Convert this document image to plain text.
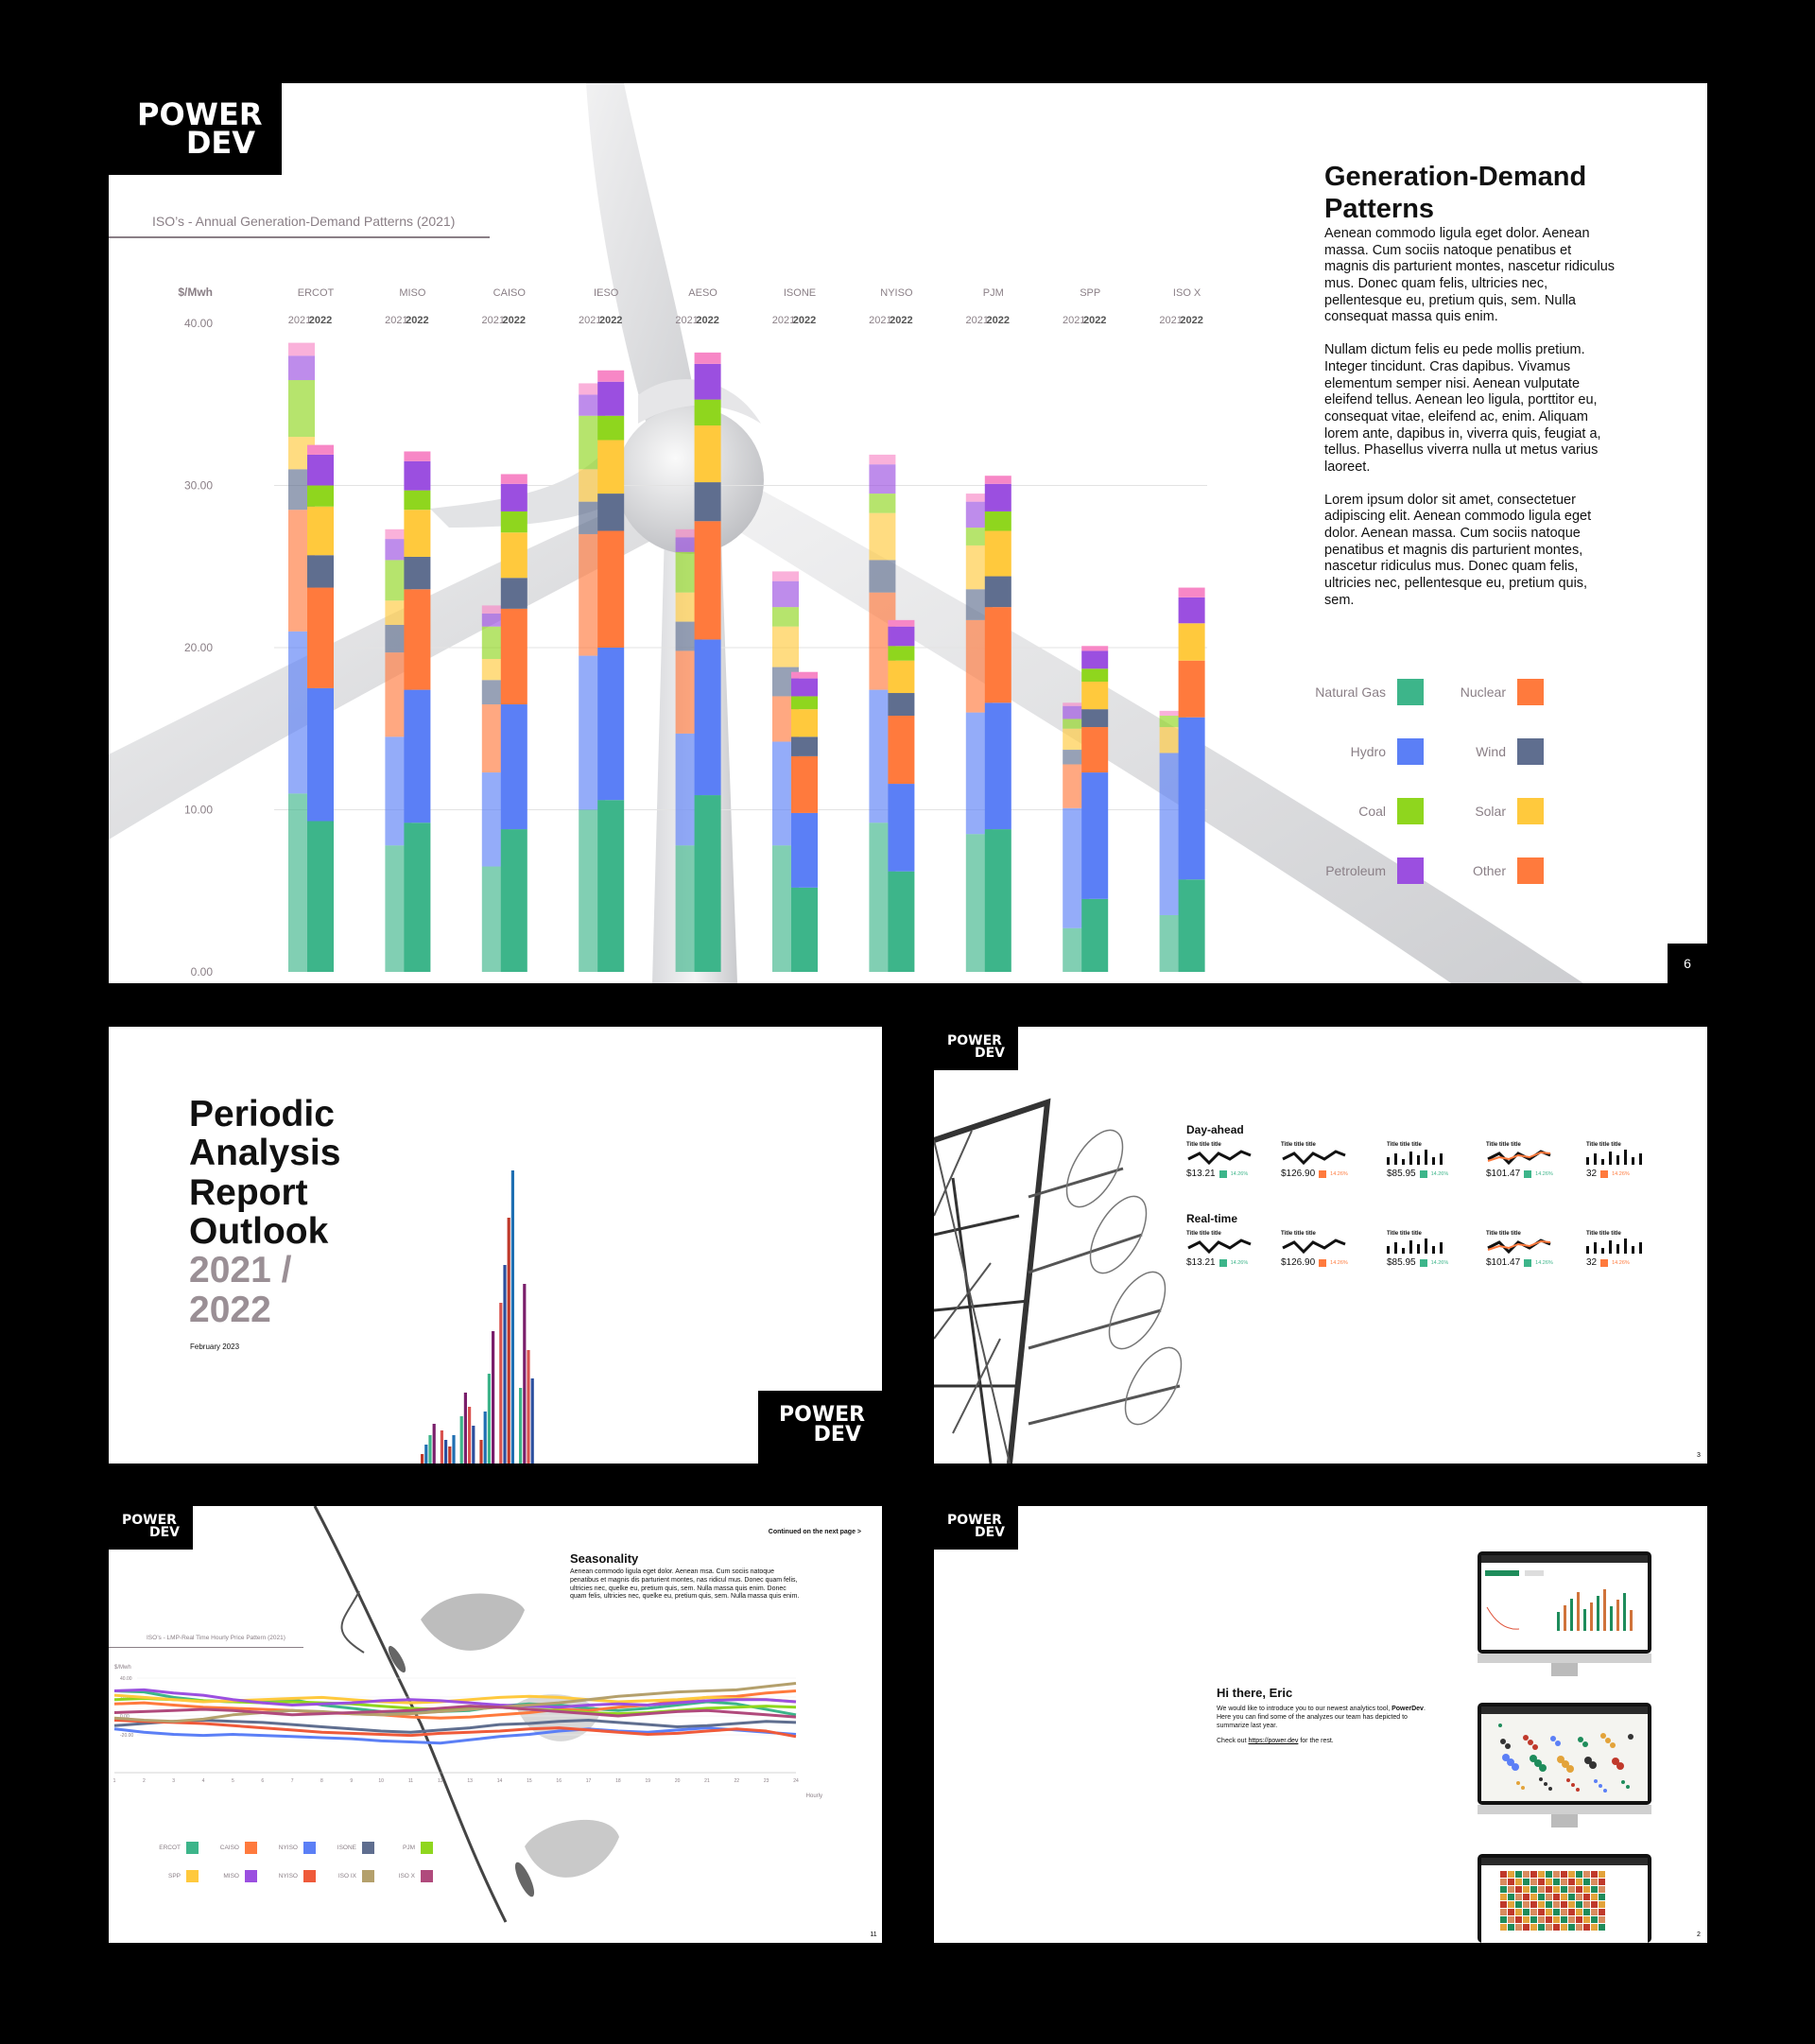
POWER
DEV
ISO’s - Annual Generation-Demand Patterns (2021)
40.00
30.00
20.00
10.00
0.00
$/Mwh	ERCOT
2021
2022
MISO
2021
2022
CAISO
2021
2022
IESO
2021
2022
AESO
2021
2022
ISONE
2021
2022
NYISO
2021
2022
PJM
2021
2022
SPP
2021
2022
ISO X
2021
2022
Generation-Demand Patterns

Aenean commodo ligula eget dolor. Aenean massa. Cum sociis natoque penatibus et magnis dis parturient montes, nascetur ridiculus mus. Donec quam felis, ultricies nec, pellentesque eu, pretium quis, sem. Nulla consequat massa quis enim.

Nullam dictum felis eu pede mollis pretium. Integer tincidunt. Cras dapibus. Vivamus elementum semper nisi. Aenean vulputate eleifend tellus. Aenean leo ligula, porttitor eu, consequat vitae, eleifend ac, enim. Aliquam lorem ante, dapibus in, viverra quis, feugiat a, tellus. Phasellus viverra nulla ut metus varius laoreet.

Lorem ipsum dolor sit amet, consectetuer adipiscing elit. Aenean commodo ligula eget dolor. Aenean massa. Cum sociis natoque penatibus et magnis dis parturient montes, nascetur ridiculus mus. Donec quam felis, ultricies nec, pellentesque eu, pretium quis, sem.

Natural Gas	Nuclear
Hydro	Wind
Coal	Solar
Petroleum	Other
6
Periodic
Analysis
Report
Outlook
2021 /
2022
February 2023
POWER
DEV
POWER
DEV
Day-ahead
Title title title
$13.21	14.26%
Title title title
$126.90	14.26%
Title title title
$85.95	14.26%
Title title title
$101.47	14.26%
Title title title
32	14.26%
Real-time
Title title title
$13.21	14.26%
Title title title
$126.90	14.26%
Title title title
$85.95	14.26%
Title title title
$101.47	14.26%
Title title title
32	14.26%
3
POWER
DEV	Continued on the next page >
Seasonality
Aenean commodo ligula eget dolor. Aenean msa. Cum sociis natoque penatibus et magnis dis parturient montes, nas ridicul mus. Donec quam felis, ultricies nec, quelke eu, pretium quis, sem. Nulla massa quis enim. Donec quam felis, ultricies nec, quelke eu, pretium quis, sem. Nulla massa quis enim.
ISO’s - LMP-Real Time Hourly Price Pattern (2021)
$/Mwh
40.00
20.00
0.00
-20.00
1	2	3	4	5	6	7	8	9	10	11	12	13	14	15	16	17	18	19	20	21	22	23	24
Hourly
ERCOT	CAISO	NYISO	ISONE	PJM
SPP	MISO	NYISO	ISO IX	ISO X
11
POWER
DEV
Hi there, Eric
We would like to introduce you to our newest analytics tool, PowerDev. Here you can find some of the analyzes our team has depicted to summarize last year.
Check out https://power.dev for the rest.
2
